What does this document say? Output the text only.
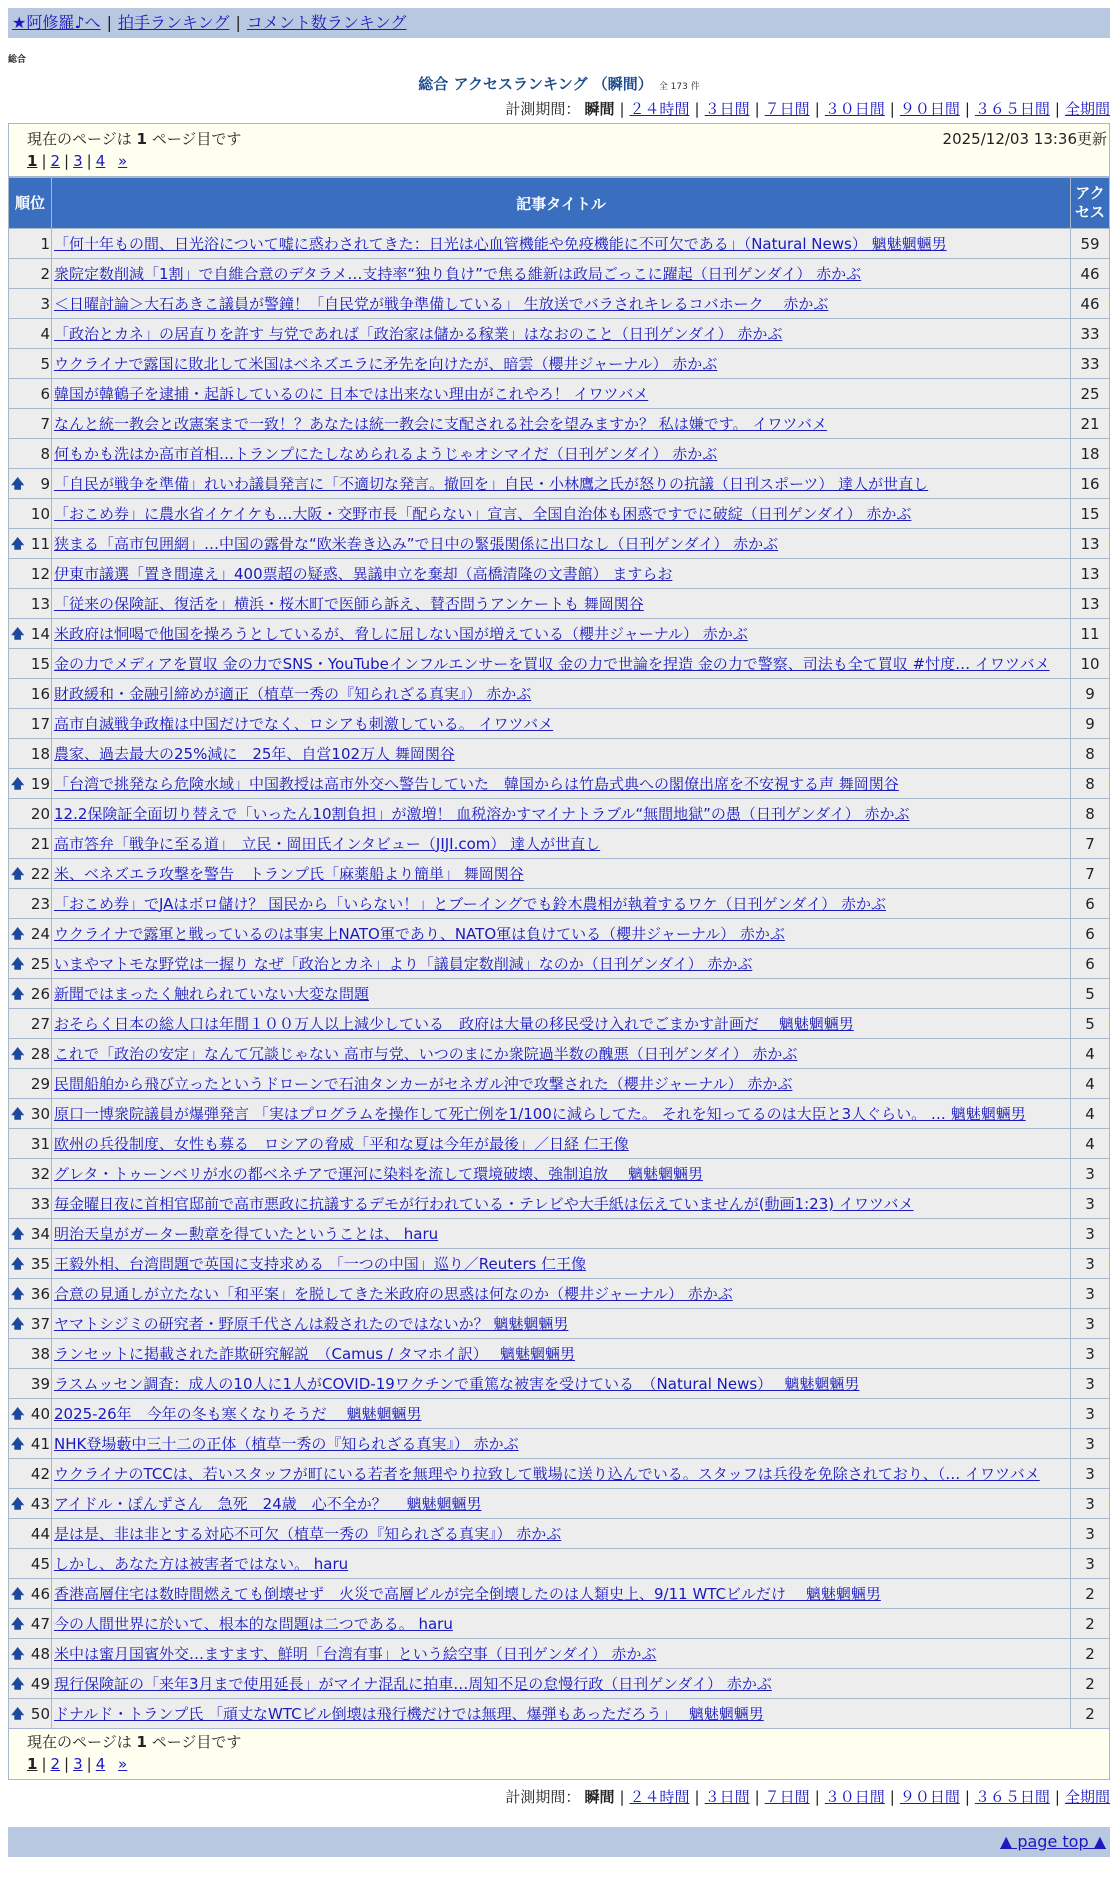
★阿修羅♪へ | 拍手ランキング | コメント数ランキング
総合
総合 アクセスランキング （瞬間） 全 173 件
計測期間： 瞬間 | ２４時間 | ３日間 | ７日間 | ３０日間 | ９０日間 | ３６５日間 | 全期間
現在のページは 1 ページ目です	2025/12/03 13:36更新
1 | 2 | 3 | 4 »
順位	記事タイトル	アクセス
1	「何十年もの間、日光浴について嘘に惑わされてきた：日光は心血管機能や免疫機能に不可欠である」（Natural News） 魑魅魍魎男	59
2	衆院定数削減「1割」で自維合意のデタラメ…支持率“独り負け”で焦る維新は政局ごっこに躍起（日刊ゲンダイ） 赤かぶ	46
3	＜日曜討論＞大石あきこ議員が警鐘！「自民党が戦争準備している」 生放送でバラされキレるコバホーク　 赤かぶ	46
4	「政治とカネ」の居直りを許す 与党であれば「政治家は儲かる稼業」はなおのこと（日刊ゲンダイ） 赤かぶ	33
5	ウクライナで露国に敗北して米国はベネズエラに矛先を向けたが、暗雲（櫻井ジャーナル） 赤かぶ	33
6	韓国が韓鶴子を逮捕・起訴しているのに 日本では出来ない理由がこれやろ！ イワツバメ	25
7	なんと統一教会と改憲案まで一致！？あなたは統一教会に支配される社会を望みますか？ 私は嫌です。 イワツバメ	21
8	何もかも洗はか高市首相…トランプにたしなめられるようじゃオシマイだ（日刊ゲンダイ） 赤かぶ	18

🡅 9	「自民が戦争を準備」れいわ議員発言に「不適切な発言。撤回を」自民・小林鷹之氏が怒りの抗議（日刊スポーツ） 達人が世直し	16
10	「おこめ券」に農水省イケイケも…大阪・交野市長「配らない」宣言、全国自治体も困惑ですでに破綻（日刊ゲンダイ） 赤かぶ	15

🡅 11	狭まる「高市包囲網」…中国の露骨な“欧米巻き込み”で日中の緊張関係に出口なし（日刊ゲンダイ） 赤かぶ	13
12	伊東市議選「置き間違え」400票超の疑惑、異議申立を棄却（高橋清隆の文書館） ますらお	13
13	「従来の保険証、復活を」横浜・桜木町で医師ら訴え、賛否問うアンケートも 舞岡関谷	13

🡅 14	米政府は恫喝で他国を操ろうとしているが、脅しに屈しない国が増えている（櫻井ジャーナル） 赤かぶ	11
15	金の力でメディアを買収 金の力でSNS・YouTubeインフルエンサーを買収 金の力で世論を捏造 金の力で警察、司法も全て買収 #忖度… イワツバメ	10
16	財政緩和・金融引締めが適正（植草一秀の『知られざる真実』） 赤かぶ	9
17	高市自滅戦争政権は中国だけでなく、ロシアも刺激している。 イワツバメ	9
18	農家、過去最大の25%減に　25年、自営102万人 舞岡関谷	8

🡅 19	「台湾で挑発なら危険水域」中国教授は高市外交へ警告していた　韓国からは竹島式典への閣僚出席を不安視する声 舞岡関谷	8
20	12.2保険証全面切り替えで「いったん10割負担」が激増！ 血税溶かすマイナトラブル“無間地獄”の愚（日刊ゲンダイ） 赤かぶ	8
21	高市答弁「戦争に至る道」　立民・岡田氏インタビュー（JIJI.com） 達人が世直し	7

🡅 22	米、ベネズエラ攻撃を警告　トランプ氏「麻薬船より簡単」 舞岡関谷	7
23	「おこめ券」でJAはボロ儲け？ 国民から「いらない！」とブーイングでも鈴木農相が執着するワケ（日刊ゲンダイ） 赤かぶ	6

🡅 24	ウクライナで露軍と戦っているのは事実上NATO軍であり、NATO軍は負けている（櫻井ジャーナル） 赤かぶ	6

🡅 25	いまやマトモな野党は一握り なぜ「政治とカネ」より「議員定数削減」なのか（日刊ゲンダイ） 赤かぶ	6

🡅 26	新聞ではまったく触れられていない大変な問題	5
27	おそらく日本の総人口は年間１００万人以上減少している　政府は大量の移民受け入れでごまかす計画だ　 魑魅魍魎男	5

🡅 28	これで「政治の安定」なんて冗談じゃない 高市与党、いつのまにか衆院過半数の醜悪（日刊ゲンダイ） 赤かぶ	4
29	民間船舶から飛び立ったというドローンで石油タンカーがセネガル沖で攻撃された（櫻井ジャーナル） 赤かぶ	4

🡅 30	原口一博衆院議員が爆弾発言 「実はプログラムを操作して死亡例を1/100に減らしてた。 それを知ってるのは大臣と3人ぐらい。 … 魑魅魍魎男	4
31	欧州の兵役制度、女性も募る　ロシアの脅威「平和な夏は今年が最後」／日経 仁王像	4
32	グレタ・トゥーンベリが水の都ベネチアで運河に染料を流して環境破壊、強制追放　 魑魅魍魎男	3
33	毎金曜日夜に首相官邸前で高市悪政に抗議するデモが行われている・テレビや大手紙は伝えていませんが(動画1:23) イワツバメ	3

🡅 34	明治天皇がガーター勲章を得ていたということは、 haru	3

🡅 35	王毅外相、台湾問題で英国に支持求める 「一つの中国」巡り／Reuters 仁王像	3

🡅 36	合意の見通しが立たない「和平案」を脱してきた米政府の思惑は何なのか（櫻井ジャーナル） 赤かぶ	3

🡅 37	ヤマトシジミの研究者・野原千代さんは殺されたのではないか？ 魑魅魍魎男	3
38	ランセットに掲載された詐欺研究解説　（Camus / タマホイ訳）　 魑魅魍魎男	3
39	ラスムッセン調査：成人の10人に1人がCOVID-19ワクチンで重篤な被害を受けている　（Natural News）　 魑魅魍魎男	3

🡅 40	2025-26年　今年の冬も寒くなりそうだ　 魑魅魍魎男	3

🡅 41	NHK登場藪中三十二の正体（植草一秀の『知られざる真実』） 赤かぶ	3
42	ウクライナのTCCは、若いスタッフが町にいる若者を無理やり拉致して戦場に送り込んでいる。スタッフは兵役を免除されており、（… イワツバメ	3

🡅 43	アイドル・ぽんずさん　急死　24歳　心不全か？　 魑魅魍魎男	3
44	是は是、非は非とする対応不可欠（植草一秀の『知られざる真実』） 赤かぶ	3
45	しかし、あなた方は被害者ではない。 haru	3

🡅 46	香港高層住宅は数時間燃えても倒壊せず　火災で高層ビルが完全倒壊したのは人類史上、9/11 WTCビルだけ　 魑魅魍魎男	2

🡅 47	今の人間世界に於いて、根本的な問題は二つである。 haru	2

🡅 48	米中は蜜月国賓外交…ますます、鮮明「台湾有事」という絵空事（日刊ゲンダイ） 赤かぶ	2

🡅 49	現行保険証の「来年3月まで使用延長」がマイナ混乱に拍車…周知不足の怠慢行政（日刊ゲンダイ） 赤かぶ	2

🡅 50	ドナルド・トランプ氏 「頑丈なWTCビル倒壊は飛行機だけでは無理、爆弾もあっただろう」　 魑魅魍魎男	2
現在のページは 1 ページ目です
1 | 2 | 3 | 4 »
計測期間： 瞬間 | ２４時間 | ３日間 | ７日間 | ３０日間 | ９０日間 | ３６５日間 | 全期間
▲ page top ▲
